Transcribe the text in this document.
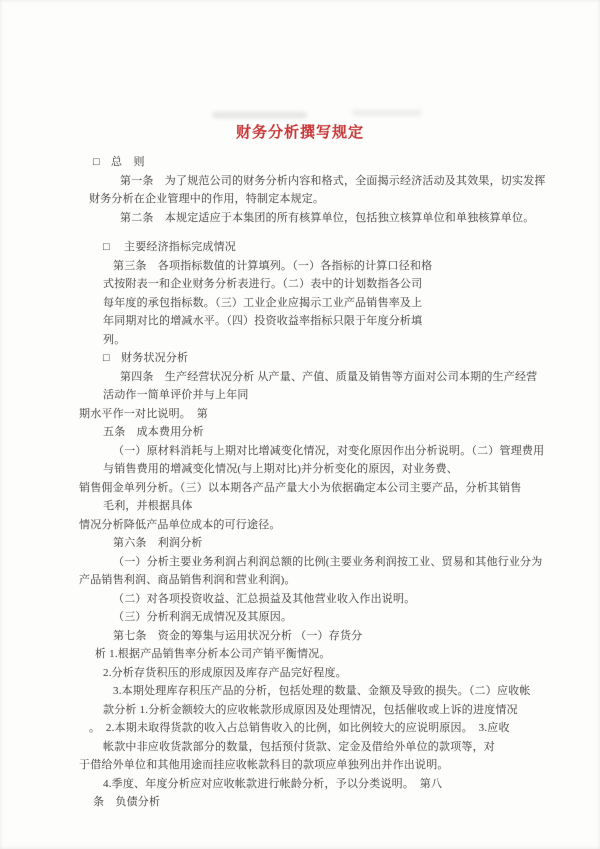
财务分析撰写规定
□　总　则
第一条　为了规范公司的财务分析内容和格式，全面揭示经济活动及其效果，切实发挥
财务分析在企业管理中的作用，特制定本规定。
第二条　本规定适应于本集团的所有核算单位，包括独立核算单位和单独核算单位。
□　 主要经济指标完成情况
第三条　各项指标数值的计算填列。（一）各指标的计算口径和格
式按附表一和企业财务分析表进行。（二）表中的计划数指各公司
每年度的承包指标数。（三）工业企业应揭示工业产品销售率及上
年同期对比的增减水平。（四）投资收益率指标只限于年度分析填
列。
□　财务状况分析
第四条　生产经营状况分析 从产量、产值、质量及销售等方面对公司本期的生产经营
活动作一简单评价并与上年同
期水平作一对比说明。　第
五条　成本费用分析
（一）原材料消耗与上期对比增减变化情况，对变化原因作出分析说明。（二）管理费用
与销售费用的增减变化情况(与上期对比)并分析变化的原因，对业务费、
销售佣金单列分析。（三）以本期各产品产量大小为依据确定本公司主要产品，分析其销售
毛利，并根据具体
情况分析降低产品单位成本的可行途径。
第六条　利润分析
（一）分析主要业务利润占利润总额的比例(主要业务利润按工业、贸易和其他行业分为
产品销售利润、商品销售利润和营业利润)。
（二）对各项投资收益、汇总损益及其他营业收入作出说明。
（三）分析利润无成情况及其原因。
第七条　资金的筹集与运用状况分析 （一）存货分
析 1.根据产品销售率分析本公司产销平衡情况。
2.分析存货积压的形成原因及库存产品完好程度。
3.本期处理库存积压产品的分析，包括处理的数量、金额及导致的损失。（二）应收帐
款分析 1.分析金额较大的应收帐款形成原因及处理情况，包括催收或上诉的进度情况
。　2.本期未取得货款的收入占总销售收入的比例，如比例较大的应说明原因。　3.应收
帐款中非应收货款部分的数量，包括预付货款、定金及借给外单位的款项等，对
于借给外单位和其他用途而挂应收帐款科目的款项应单独列出并作出说明。
4.季度、年度分析应对应收帐款进行帐龄分析，予以分类说明。　第八
条　负债分析
